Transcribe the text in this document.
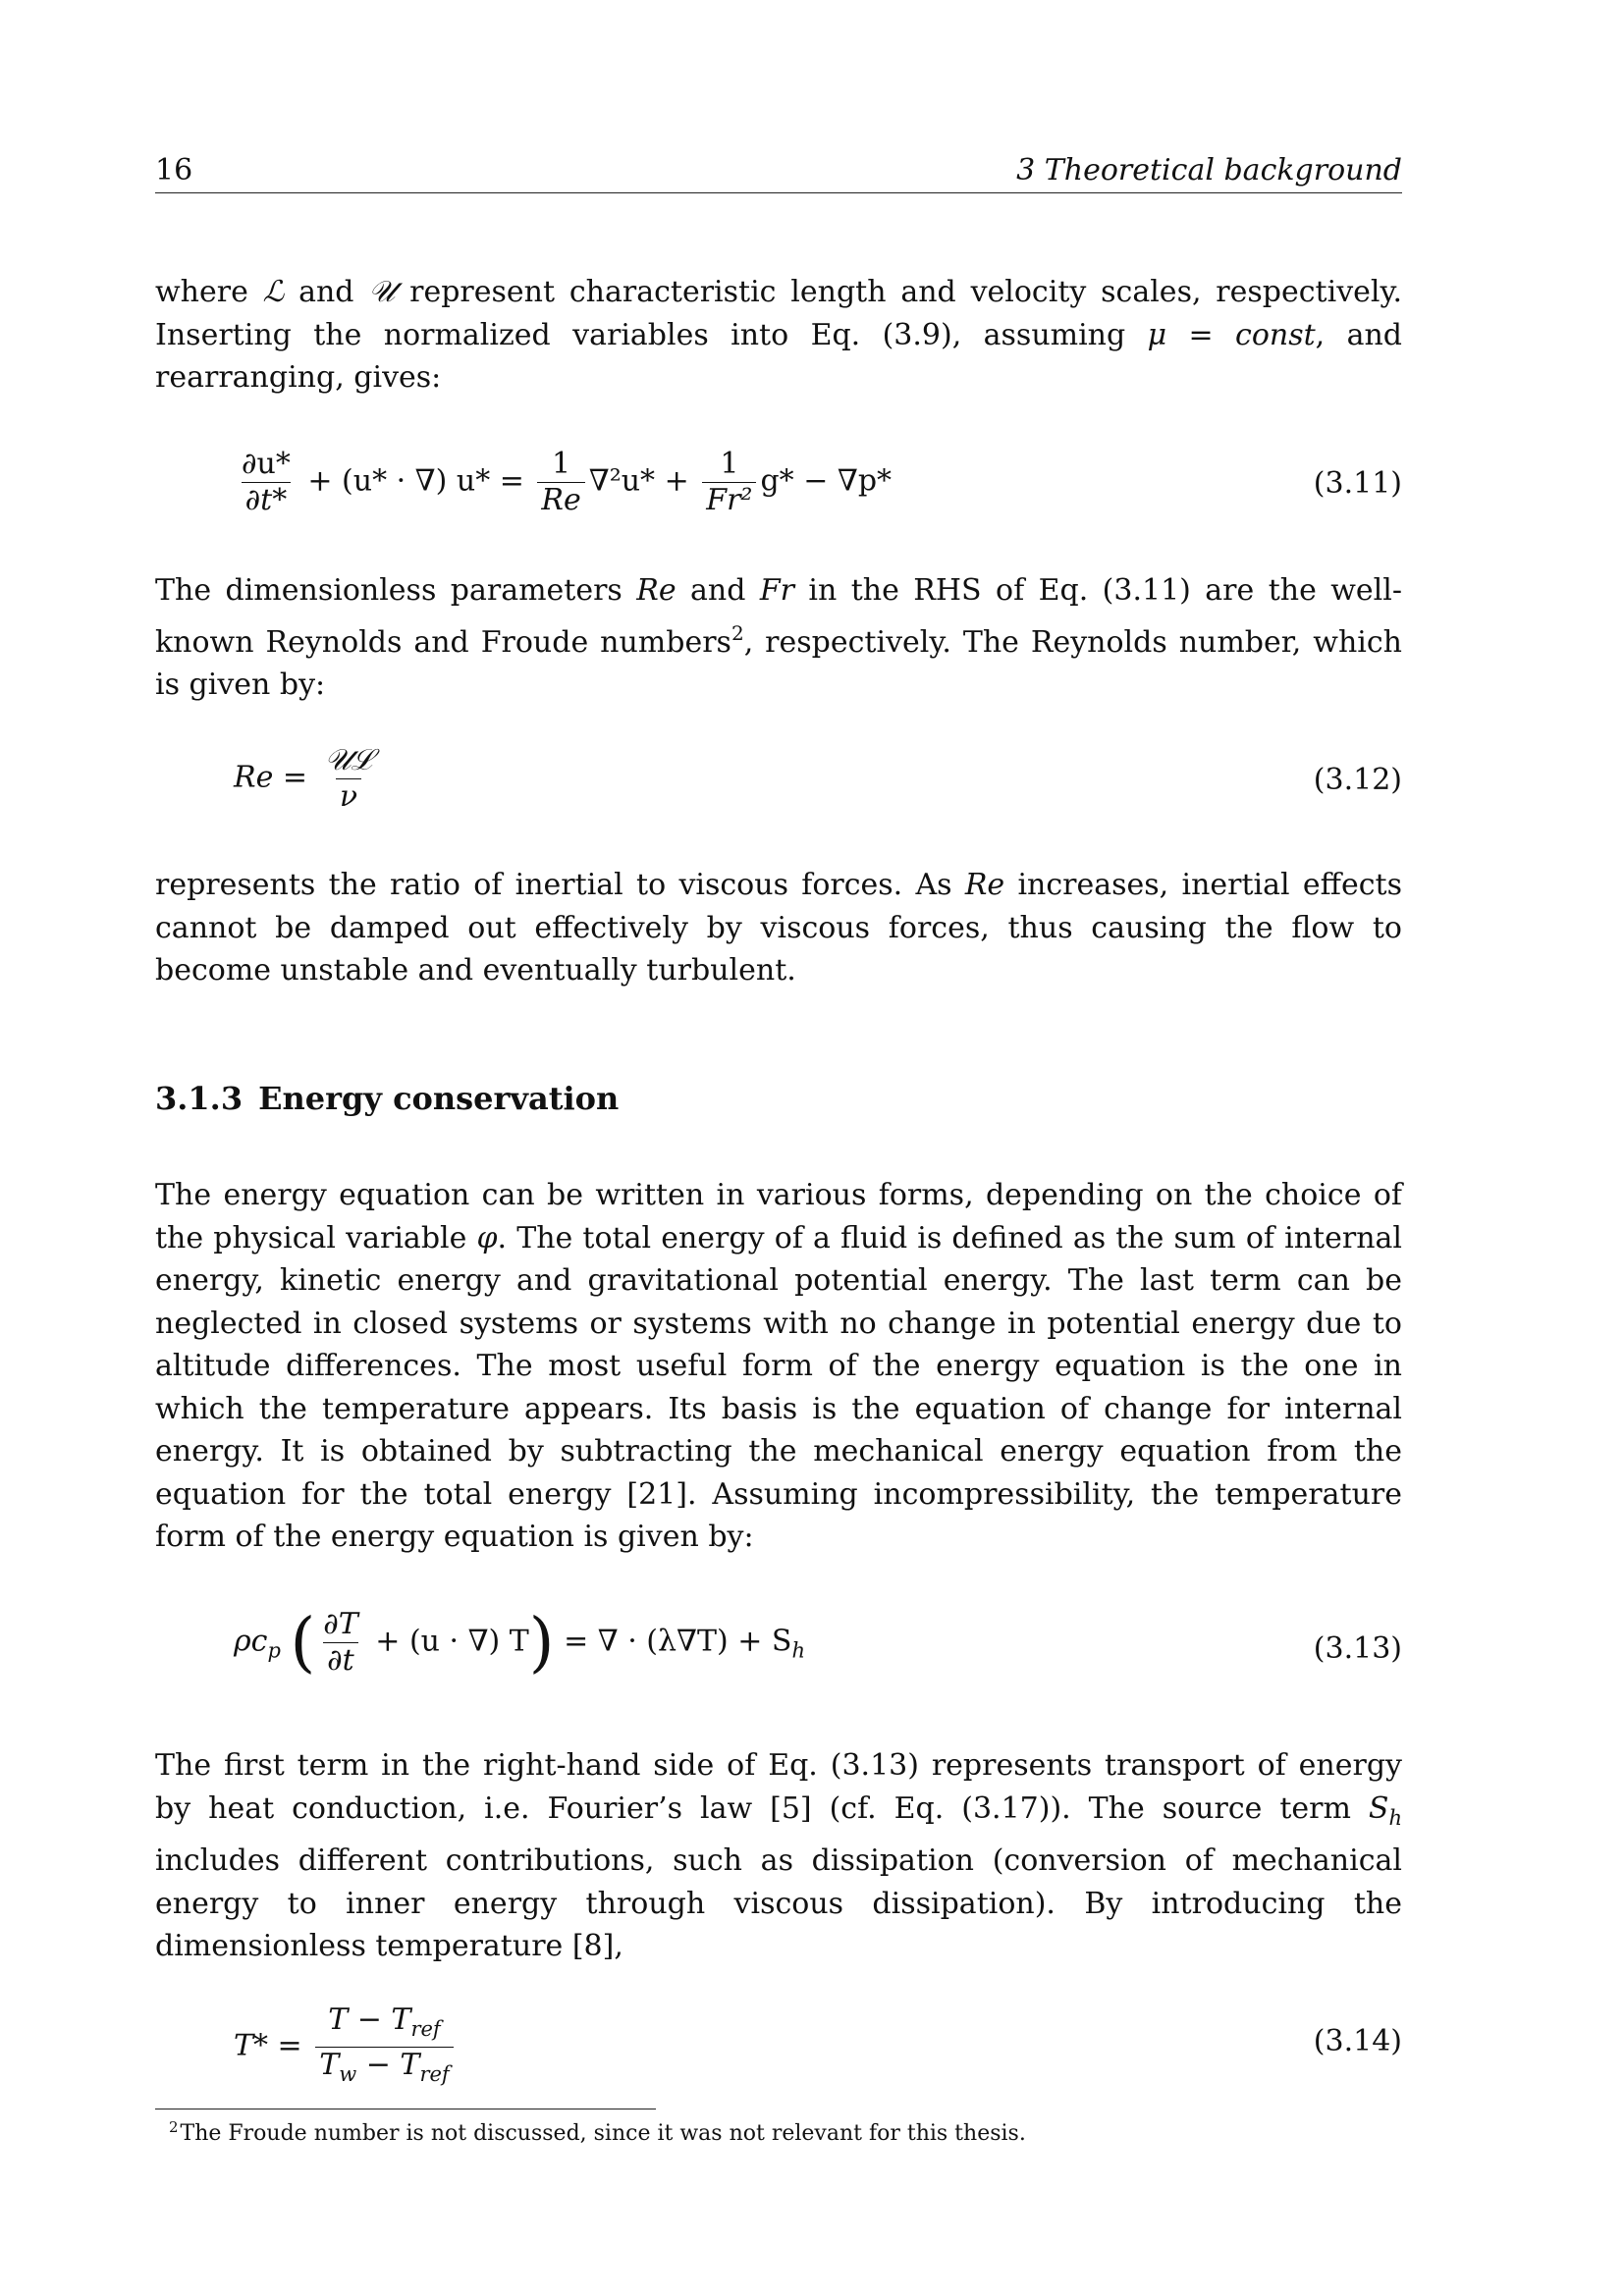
16	3 Theoretical background

where ℒ and 𝒰 represent characteristic length and velocity scales, respectively. Inserting the normalized variables into Eq. (3.9), assuming μ = const, and rearranging, gives:

$\frac{\partial u*}{\partial t*} + (u*$ · ∇) $u* = \frac{1}{Re} \nabla^2u* + \frac{1}{\text{Fr²}} g* - \nabla p*$	(3.11)

The dimensionless parameters Re and Fr in the RHS of Eq. (3.11) are the well-known Reynolds and Froude numbers$^2$, respectively. The Reynolds number, which is given by:

$Re = \frac{\text{𝒰ℒ}}{\nu}$	(3.12)

represents the ratio of inertial to viscous forces. As Re increases, inertial effects cannot be damped out effectively by viscous forces, thus causing the flow to become unstable and eventually turbulent.

3.1.3 Energy conservation

The energy equation can be written in various forms, depending on the choice of the physical variable φ. The total energy of a fluid is defined as the sum of internal energy, kinetic energy and gravitational potential energy. The last term can be neglected in closed systems or systems with no change in potential energy due to altitude differences. The most useful form of the energy equation is the one in which the temperature appears. Its basis is the equation of change for internal energy. It is obtained by subtracting the mechanical energy equation from the equation for the total energy [21]. Assuming incompressibility, the temperature form of the energy equation is given by:

$\rho c_p$ ( $\frac{\partial T}{\partial t} + (u$ · ∇) T) = ∇ · $(\lambda\nabla T) + S_h$	(3.13)

The first term in the right-hand side of Eq. (3.13) represents transport of energy by heat conduction, i.e. Fourier’s law [5] (cf. Eq. (3.17)). The source term $S_h$ includes different contributions, such as dissipation (conversion of mechanical energy to inner energy through viscous dissipation). By introducing the dimensionless temperature [8],

$T* = \frac{T - T_{ref}}{T_w - T_{ref}}$	(3.14)
$^2$The Froude number is not discussed, since it was not relevant for this thesis.
